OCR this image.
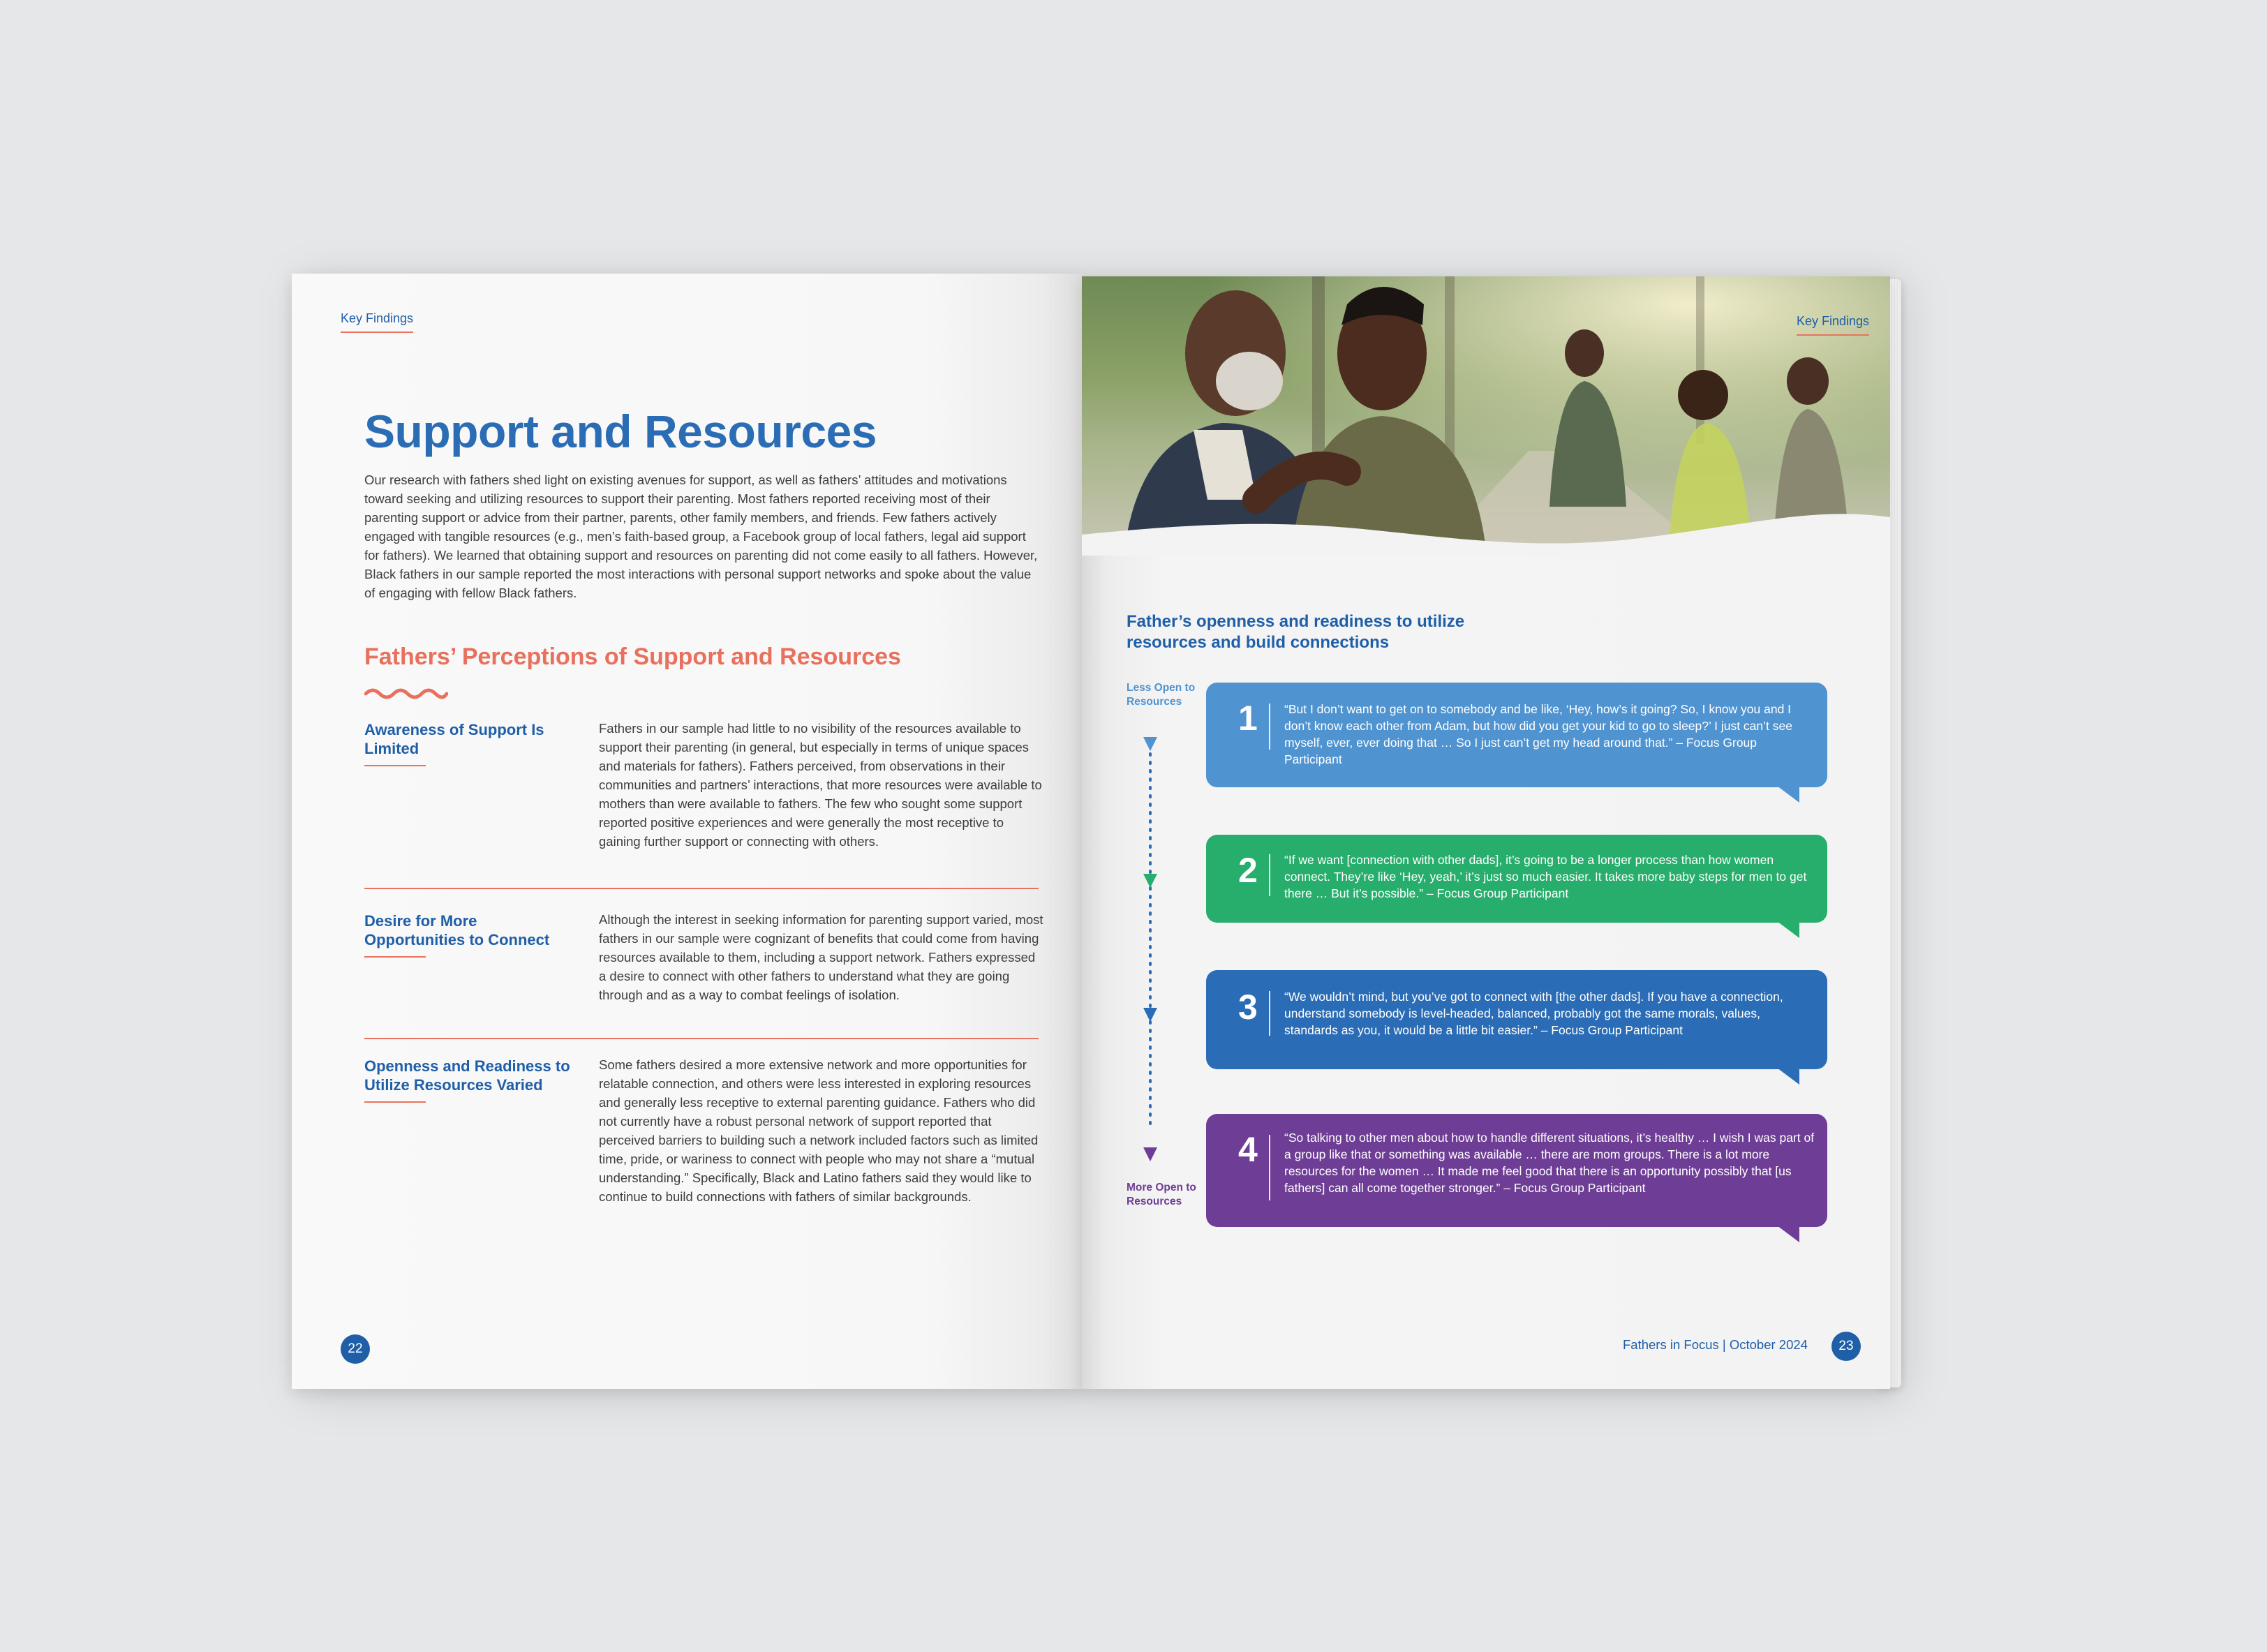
Key Findings
Support and Resources

Our research with fathers shed light on existing avenues for support, as well as fathers’ attitudes and motivations toward seeking and utilizing resources to support their parenting. Most fathers reported receiving most of their parenting support or advice from their partner, parents, other family members, and friends. Few fathers actively engaged with tangible resources (e.g., men’s faith-based group, a Facebook group of local fathers, legal aid support for fathers). We learned that obtaining support and resources on parenting did not come easily to all fathers. However, Black fathers in our sample reported the most interactions with personal support networks and spoke about the value of engaging with fellow Black fathers.

Fathers’ Perceptions of Support and Resources
Awareness of Support Is Limited

Fathers in our sample had little to no visibility of the resources available to support their parenting (in general, but especially in terms of unique spaces and materials for fathers). Fathers perceived, from observations in their communities and partners’ interactions, that more resources were available to mothers than were available to fathers. The few who sought some support reported positive experiences and were generally the most receptive to gaining further support or connecting with others.

Desire for More Opportunities to Connect

Although the interest in seeking information for parenting support varied, most fathers in our sample were cognizant of benefits that could come from having resources available to them, including a support network. Fathers expressed a desire to connect with other fathers to understand what they are going through and as a way to combat feelings of isolation.

Openness and Readiness to Utilize Resources Varied

Some fathers desired a more extensive network and more opportunities for relatable connection, and others were less interested in exploring resources and generally less receptive to external parenting guidance. Fathers who did not currently have a robust personal network of support reported that perceived barriers to building such a network included factors such as limited time, pride, or wariness to connect with people who may not share a “mutual understanding.” Specifically, Black and Latino fathers said they would like to continue to build connections with fathers of similar backgrounds.

22
Key Findings
Father’s openness and readiness to utilize resources and build connections
Less Open to Resources
More Open to Resources
1 “But I don’t want to get on to somebody and be like, ‘Hey, how’s it going? So, I know you and I don’t know each other from Adam, but how did you get your kid to go to sleep?’ I just can’t see myself, ever, ever doing that … So I just can’t get my head around that.” – Focus Group Participant

2 “If we want [connection with other dads], it’s going to be a longer process than how women connect. They’re like ‘Hey, yeah,’ it’s just so much easier. It takes more baby steps for men to get there … But it’s possible.” – Focus Group Participant

3 “We wouldn’t mind, but you’ve got to connect with [the other dads]. If you have a connection, understand somebody is level-headed, balanced, probably got the same morals, values, standards as you, it would be a little bit easier.” – Focus Group Participant

4 “So talking to other men about how to handle different situations, it’s healthy … I wish I was part of a group like that or something was available … there are mom groups. There is a lot more resources for the women … It made me feel good that there is an opportunity possibly that [us fathers] can all come together stronger.” – Focus Group Participant

Fathers in Focus | October 2024	23
